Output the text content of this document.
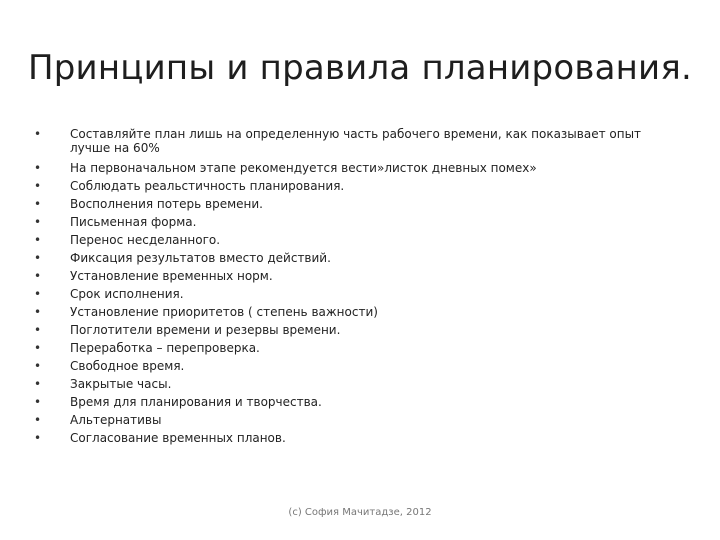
Принципы и правила планирования.
• Составляйте план лишь на определенную часть рабочего времени, как показывает опыт лучше на 60%
• На первоначальном этапе рекомендуется вести»листок дневных помех»
• Соблюдать реальстичность планирования.
• Восполнения потерь времени.
• Письменная форма.
• Перенос несделанного.
• Фиксация результатов вместо действий.
• Установление временных норм.
• Срок исполнения.
• Установление приоритетов ( степень важности)
• Поглотители времени и резервы времени.
• Переработка – перепроверка.
• Свободное время.
• Закрытые часы.
• Время для планирования и творчества.
• Альтернативы
• Согласование временных планов.
(с) София Мачитадзе, 2012
